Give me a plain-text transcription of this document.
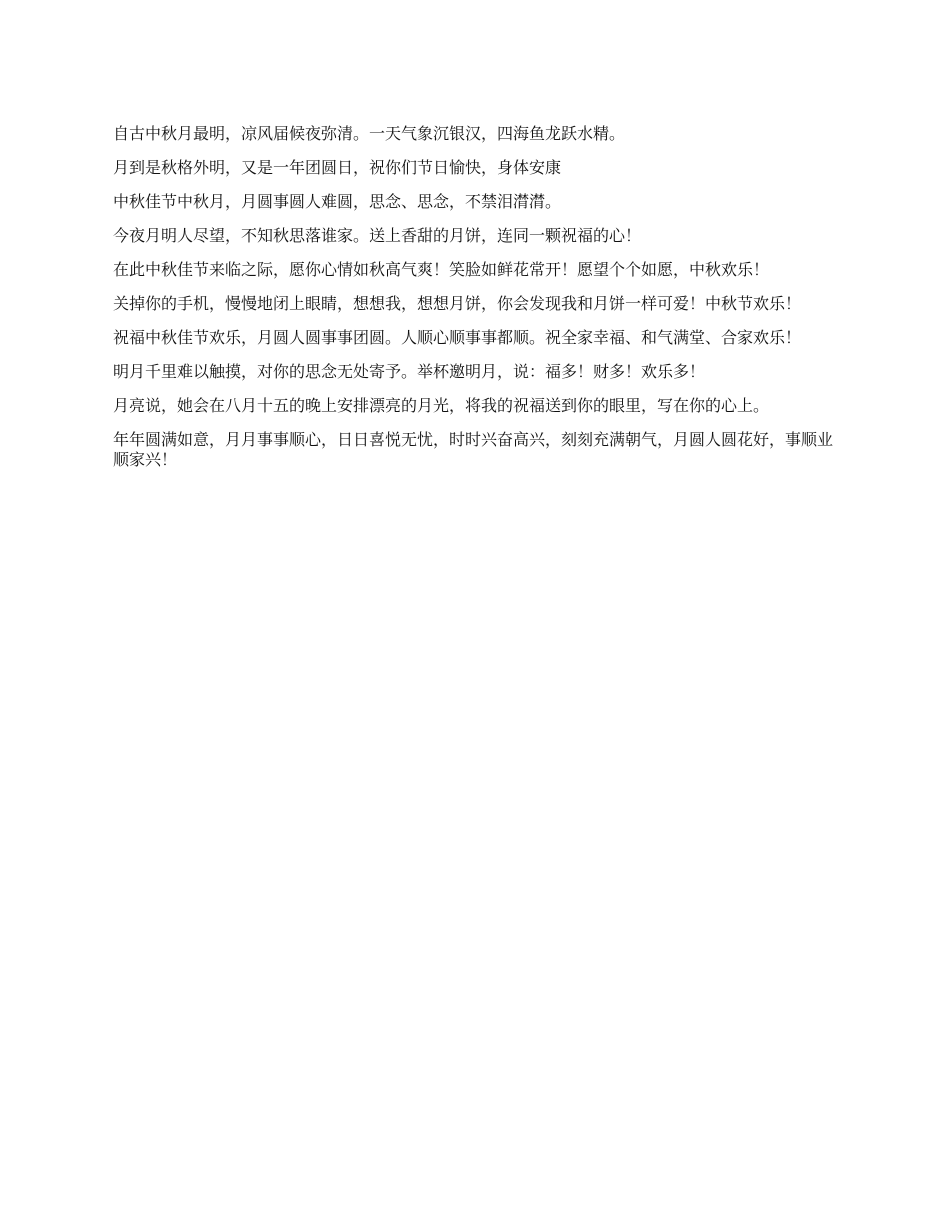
自古中秋月最明，凉风届候夜弥清。一天气象沉银汉，四海鱼龙跃水精。

月到是秋格外明，又是一年团圆日，祝你们节日愉快，身体安康

中秋佳节中秋月，月圆事圆人难圆，思念、思念，不禁泪潸潸。

今夜月明人尽望，不知秋思落谁家。送上香甜的月饼，连同一颗祝福的心！

在此中秋佳节来临之际，愿你心情如秋高气爽！笑脸如鲜花常开！愿望个个如愿，中秋欢乐！

关掉你的手机，慢慢地闭上眼睛，想想我，想想月饼，你会发现我和月饼一样可爱！中秋节欢乐！

祝福中秋佳节欢乐，月圆人圆事事团圆。人顺心顺事事都顺。祝全家幸福、和气满堂、合家欢乐！

明月千里难以触摸，对你的思念无处寄予。举杯邀明月，说：福多！财多！欢乐多！

月亮说，她会在八月十五的晚上安排漂亮的月光，将我的祝福送到你的眼里，写在你的心上。

年年圆满如意，月月事事顺心，日日喜悦无忧，时时兴奋高兴，刻刻充满朝气，月圆人圆花好，事顺业顺家兴！
